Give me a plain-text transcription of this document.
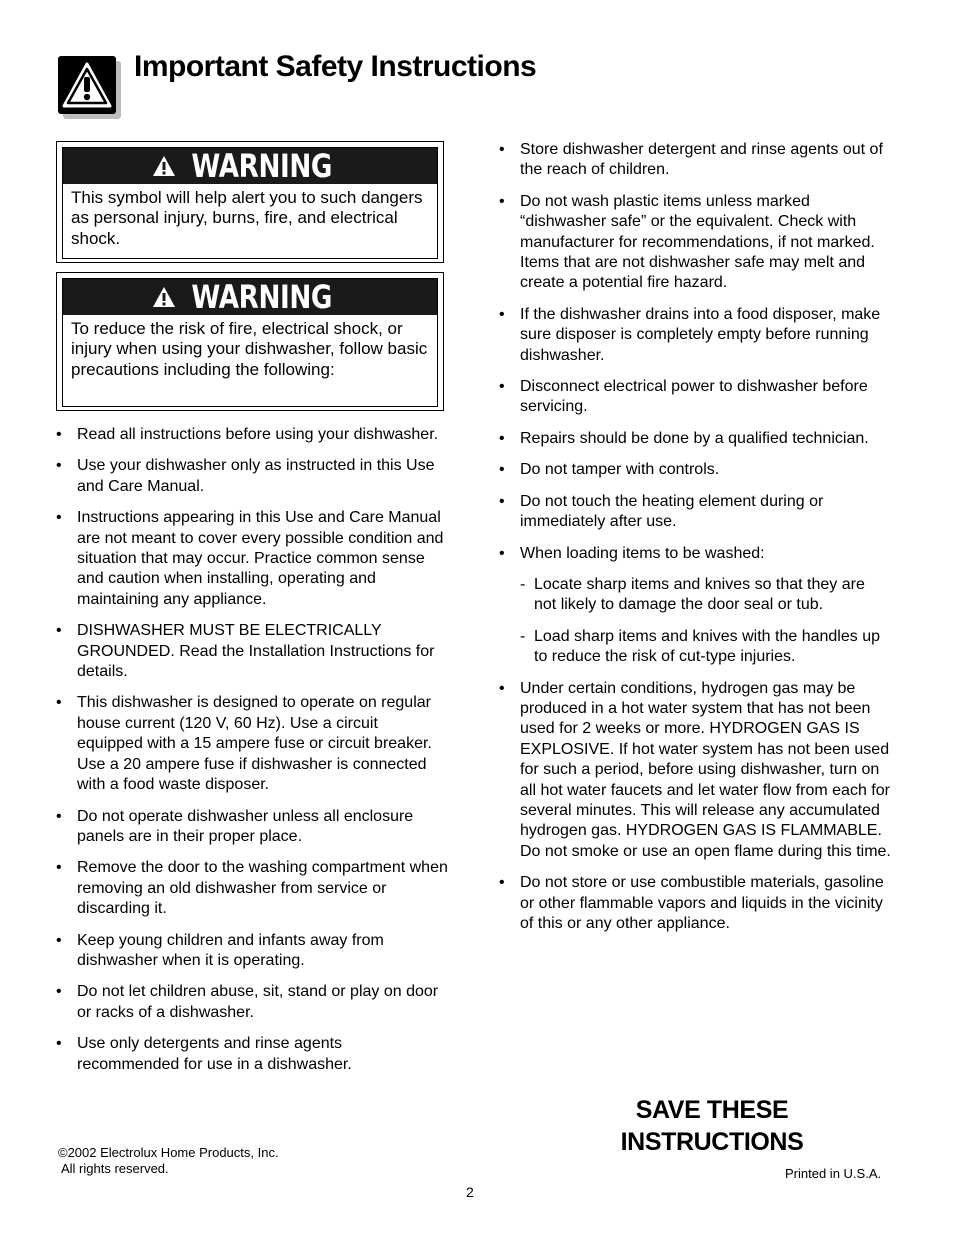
Important Safety Instructions
WARNING
This symbol will help alert you to such dangers as personal injury, burns, fire, and electrical shock.
WARNING
To reduce the risk of fire, electrical shock, or injury when using your dishwasher, follow basic precautions including the following:
• Read all instructions before using your dishwasher.
• Use your dishwasher only as instructed in this Use and Care Manual.
• Instructions appearing in this Use and Care Manual are not meant to cover every possible condition and situation that may occur. Practice common sense and caution when installing, operating and maintaining any appliance.
• DISHWASHER MUST BE ELECTRICALLY GROUNDED. Read the Installation Instructions for details.
• This dishwasher is designed to operate on regular house current (120 V, 60 Hz). Use a circuit equipped with a 15 ampere fuse or circuit breaker. Use a 20 ampere fuse if dishwasher is connected with a food waste disposer.
• Do not operate dishwasher unless all enclosure panels are in their proper place.
• Remove the door to the washing compartment when removing an old dishwasher from service or discarding it.
• Keep young children and infants away from dishwasher when it is operating.
• Do not let children abuse, sit, stand or play on door or racks of a dishwasher.
• Use only detergents and rinse agents recommended for use in a dishwasher.
• Store dishwasher detergent and rinse agents out of the reach of children.
• Do not wash plastic items unless marked “dishwasher safe” or the equivalent. Check with manufacturer for recommendations, if not marked. Items that are not dishwasher safe may melt and create a potential fire hazard.
• If the dishwasher drains into a food disposer, make sure disposer is completely empty before running dishwasher.
• Disconnect electrical power to dishwasher before servicing.
• Repairs should be done by a qualified technician.
• Do not tamper with controls.
• Do not touch the heating element during or immediately after use.
• When loading items to be washed:
- Locate sharp items and knives so that they are not likely to damage the door seal or tub.
- Load sharp items and knives with the handles up to reduce the risk of cut-type injuries.
• Under certain conditions, hydrogen gas may be produced in a hot water system that has not been used for 2 weeks or more. HYDROGEN GAS IS EXPLOSIVE. If hot water system has not been used for such a period, before using dishwasher, turn on all hot water faucets and let water flow from each for several minutes. This will release any accumulated hydrogen gas. HYDROGEN GAS IS FLAMMABLE. Do not smoke or use an open flame during this time.
• Do not store or use combustible materials, gasoline or other flammable vapors and liquids in the vicinity of this or any other appliance.
SAVE THESE
INSTRUCTIONS
©2002 Electrolux Home Products, Inc.
All rights reserved.	Printed in U.S.A.
2
